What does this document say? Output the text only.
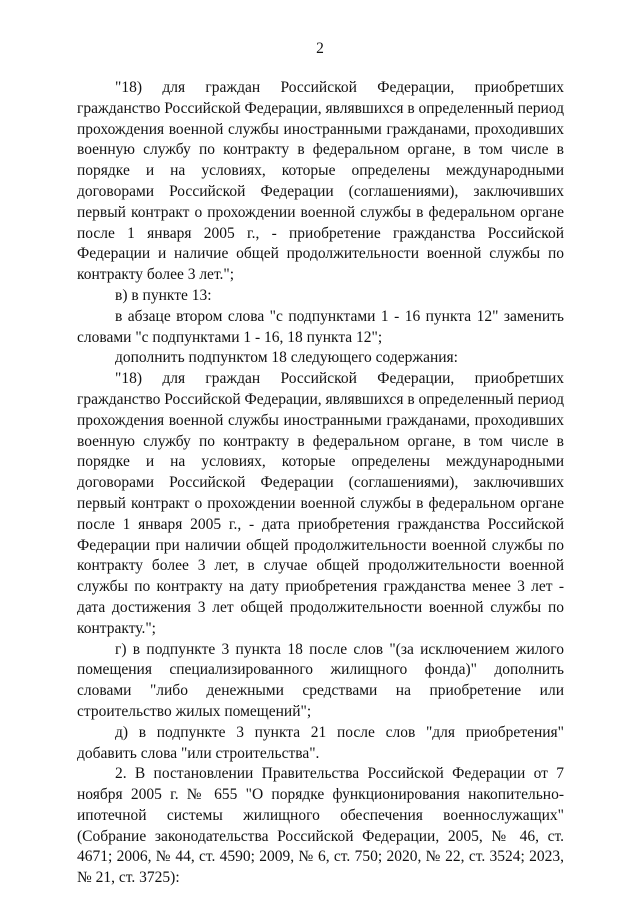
2

"18) для граждан Российской Федерации, приобретших гражданство Российской Федерации, являвшихся в определенный период прохождения военной службы иностранными гражданами, проходивших военную службу по контракту в федеральном органе, в том числе в порядке и на условиях, которые определены международными договорами Российской Федерации (соглашениями), заключивших первый контракт о прохождении военной службы в федеральном органе после 1 января 2005 г., - приобретение гражданства Российской Федерации и наличие общей продолжительности военной службы по контракту более 3 лет.";

в) в пункте 13:

в абзаце втором слова "с подпунктами 1 - 16 пункта 12" заменить словами "с подпунктами 1 - 16, 18 пункта 12";

дополнить подпунктом 18 следующего содержания:

"18) для граждан Российской Федерации, приобретших гражданство Российской Федерации, являвшихся в определенный период прохождения военной службы иностранными гражданами, проходивших военную службу по контракту в федеральном органе, в том числе в порядке и на условиях, которые определены международными договорами Российской Федерации (соглашениями), заключивших первый контракт о прохождении военной службы в федеральном органе после 1 января 2005 г., - дата приобретения гражданства Российской Федерации при наличии общей продолжительности военной службы по контракту более 3 лет, в случае общей продолжительности военной службы по контракту на дату приобретения гражданства менее 3 лет - дата достижения 3 лет общей продолжительности военной службы по контракту.";

г) в подпункте 3 пункта 18 после слов "(за исключением жилого помещения специализированного жилищного фонда)" дополнить словами "либо денежными средствами на приобретение или строительство жилых помещений";

д) в подпункте 3 пункта 21 после слов "для приобретения" добавить слова "или строительства".

2. В постановлении Правительства Российской Федерации от 7 ноября 2005 г. № 655 "О порядке функционирования накопительно-ипотечной системы жилищного обеспечения военнослужащих" (Собрание законодательства Российской Федерации, 2005, № 46, ст. 4671; 2006, № 44, ст. 4590; 2009, № 6, ст. 750; 2020, № 22, ст. 3524; 2023, № 21, ст. 3725):
